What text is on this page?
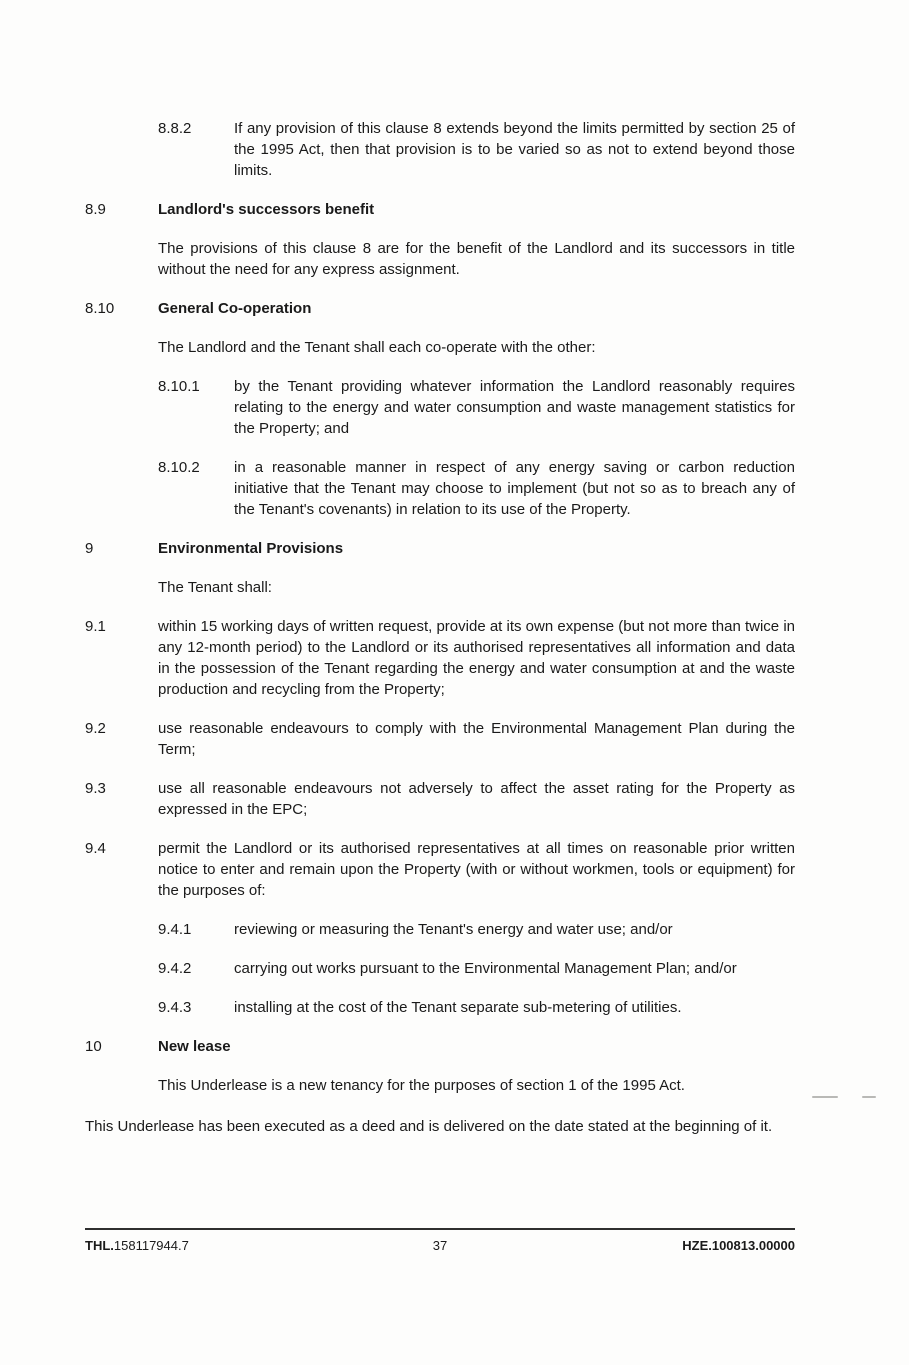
8.8.2	If any provision of this clause 8 extends beyond the limits permitted by section 25 of the 1995 Act, then that provision is to be varied so as not to extend beyond those limits.

8.9	Landlord's successors benefit

The provisions of this clause 8 are for the benefit of the Landlord and its successors in title without the need for any express assignment.

8.10	General Co-operation

The Landlord and the Tenant shall each co-operate with the other:

8.10.1	by the Tenant providing whatever information the Landlord reasonably requires relating to the energy and water consumption and waste management statistics for the Property; and

8.10.2	in a reasonable manner in respect of any energy saving or carbon reduction initiative that the Tenant may choose to implement (but not so as to breach any of the Tenant's covenants) in relation to its use of the Property.

9	Environmental Provisions

The Tenant shall:

9.1	within 15 working days of written request, provide at its own expense (but not more than twice in any 12-month period) to the Landlord or its authorised representatives all information and data in the possession of the Tenant regarding the energy and water consumption at and the waste production and recycling from the Property;

9.2	use reasonable endeavours to comply with the Environmental Management Plan during the Term;

9.3	use all reasonable endeavours not adversely to affect the asset rating for the Property as expressed in the EPC;

9.4	permit the Landlord or its authorised representatives at all times on reasonable prior written notice to enter and remain upon the Property (with or without workmen, tools or equipment) for the purposes of:

9.4.1	reviewing or measuring the Tenant's energy and water use; and/or

9.4.2	carrying out works pursuant to the Environmental Management Plan; and/or

9.4.3	installing at the cost of the Tenant separate sub-metering of utilities.

10	New lease

This Underlease is a new tenancy for the purposes of section 1 of the 1995 Act.

This Underlease has been executed as a deed and is delivered on the date stated at the beginning of it.

THL.158117944.7	37	HZE.100813.00000
